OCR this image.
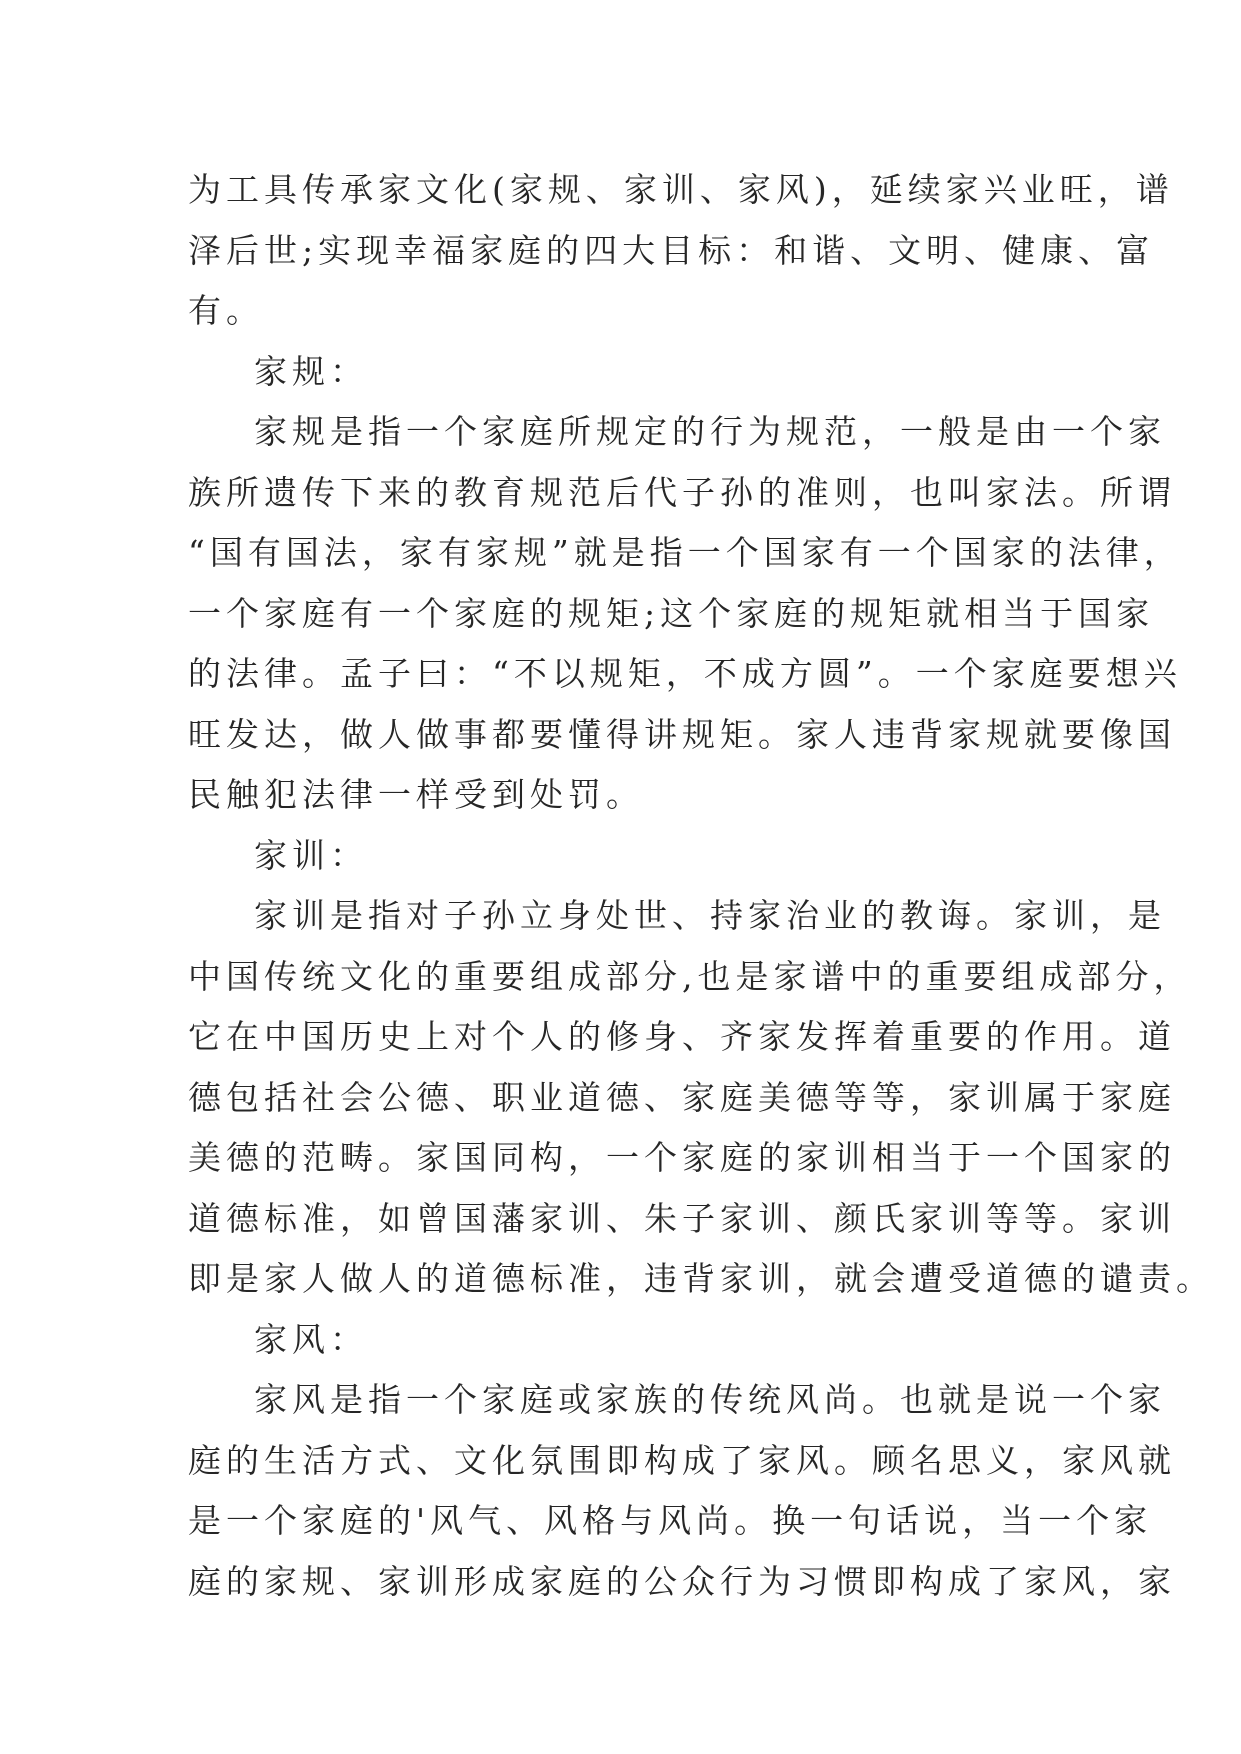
为工具传承家文化(家规、家训、家风)，延续家兴业旺，谱
泽后世;实现幸福家庭的四大目标：和谐、文明、健康、富
有。
家规：
家规是指一个家庭所规定的行为规范，一般是由一个家
族所遗传下来的教育规范后代子孙的准则，也叫家法。所谓
“国有国法，家有家规”就是指一个国家有一个国家的法律，
一个家庭有一个家庭的规矩;这个家庭的规矩就相当于国家
的法律。孟子曰：“不以规矩，不成方圆”。一个家庭要想兴
旺发达，做人做事都要懂得讲规矩。家人违背家规就要像国
民触犯法律一样受到处罚。
家训：
家训是指对子孙立身处世、持家治业的教诲。家训，是
中国传统文化的重要组成部分,也是家谱中的重要组成部分，
它在中国历史上对个人的修身、齐家发挥着重要的作用。道
德包括社会公德、职业道德、家庭美德等等，家训属于家庭
美德的范畴。家国同构，一个家庭的家训相当于一个国家的
道德标准，如曾国藩家训、朱子家训、颜氏家训等等。家训
即是家人做人的道德标准，违背家训，就会遭受道德的谴责。
家风：
家风是指一个家庭或家族的传统风尚。也就是说一个家
庭的生活方式、文化氛围即构成了家风。顾名思义，家风就
是一个家庭的'风气、风格与风尚。换一句话说，当一个家
庭的家规、家训形成家庭的公众行为习惯即构成了家风，家
